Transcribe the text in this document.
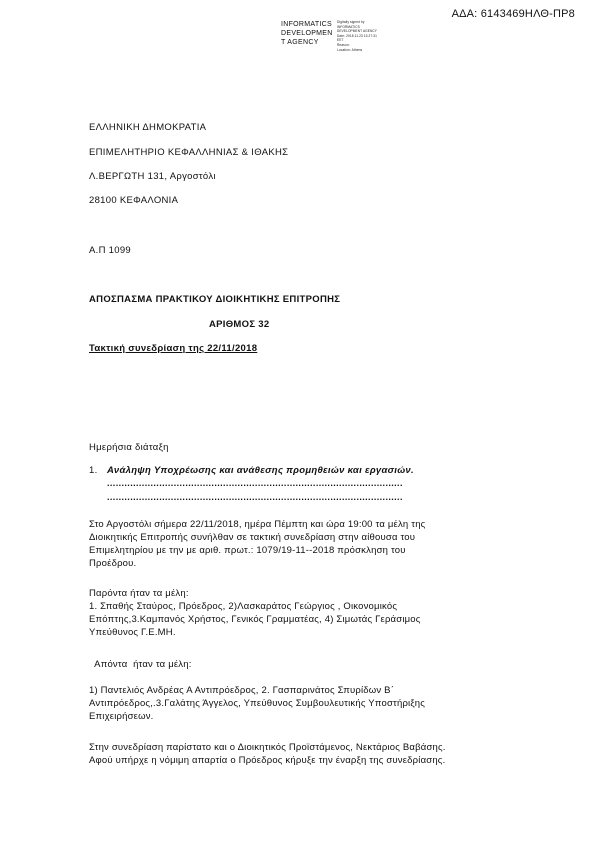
ΑΔΑ: 6143469ΗΛΘ-ΠΡ8
INFORMATICS
DEVELOPMEN
T AGENCY
Digitally signed by
INFORMATICS
DEVELOPMENT AGENCY
Date: 2018.11.23 13:27:31
EET
Reason:
Location: Athens
ΕΛΛΗΝΙΚΗ ΔΗΜΟΚΡΑΤΙΑ
ΕΠΙΜΕΛΗΤΗΡΙΟ ΚΕΦΑΛΛΗΝΙΑΣ & ΙΘΑΚΗΣ
Λ.ΒΕΡΓΩΤΗ 131, Αργοστόλι
28100 ΚΕΦΑΛΟΝΙΑ
Α.Π 1099
ΑΠΟΣΠΑΣΜΑ ΠΡΑΚΤΙΚΟΥ ΔΙΟΙΚΗΤΙΚΗΣ ΕΠΙΤΡΟΠΗΣ
ΑΡΙΘΜΟΣ 32
Τακτική συνεδρίαση της 22/11/2018
Ημερήσια διάταξη
1. Ανάληψη Υποχρέωσης και ανάθεσης προμηθειών και εργασιών.
......................................................................................................
......................................................................................................
Στο Αργοστόλι σήμερα 22/11/2018, ημέρα Πέμπτη και ώρα 19:00 τα μέλη της
Διοικητικής Επιτροπής συνήλθαν σε τακτική συνεδρίαση στην αίθουσα του
Επιμελητηρίου με την με αριθ. πρωτ.: 1079/19-11--2018 πρόσκληση του
Προέδρου.
Παρόντα ήταν τα μέλη:
1. Σπαθής Σταύρος, Πρόεδρος, 2)Λασκαράτος Γεώργιος , Οικονομικός
Επόπτης,3.Καμπανός Χρήστος, Γενικός Γραμματέας, 4) Σιμωτάς Γεράσιμος
Υπεύθυνος Γ.Ε.ΜΗ.
Απόντα  ήταν τα μέλη:
1) Παντελιός Ανδρέας Α Αντιπρόεδρος, 2. Γασπαρινάτος Σπυρίδων Β΄
Αντιπρόεδρος,.3.Γαλάτης Άγγελος, Υπεύθυνος Συμβουλευτικής Υποστήριξης
Επιχειρήσεων.
Στην συνεδρίαση παρίστατο και ο Διοικητικός Προϊστάμενος, Νεκτάριος Βαβάσης.
Αφού υπήρχε η νόμιμη απαρτία ο Πρόεδρος κήρυξε την έναρξη της συνεδρίασης.
